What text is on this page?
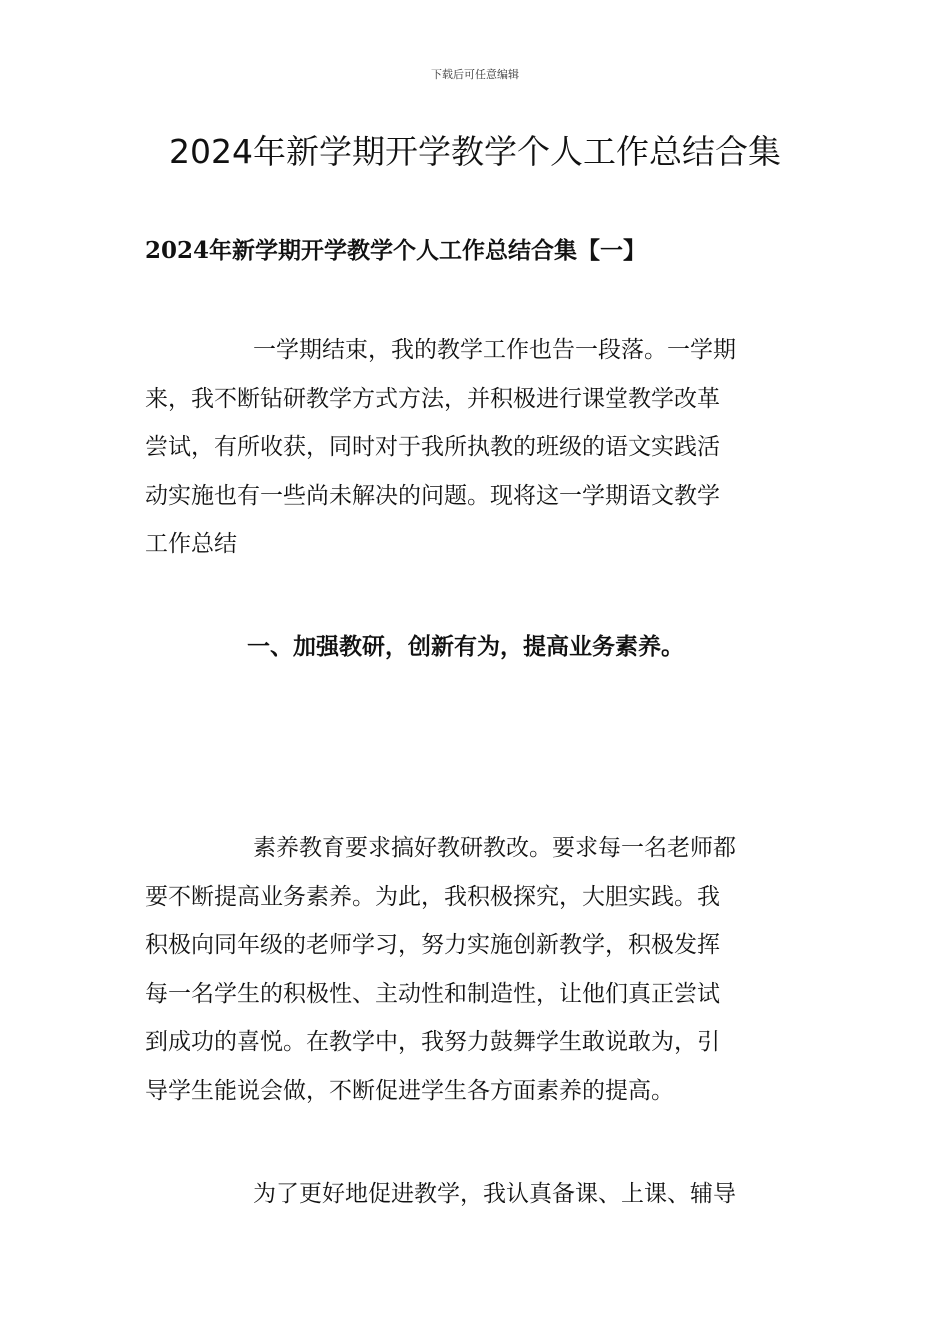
下载后可任意编辑
2024年新学期开学教学个人工作总结合集
2024年新学期开学教学个人工作总结合集【一】

一学期结束，我的教学工作也告一段落。一学期
来，我不断钻研教学方式方法，并积极进行课堂教学改革
尝试，有所收获，同时对于我所执教的班级的语文实践活
动实施也有一些尚未解决的问题。现将这一学期语文教学
工作总结

一、加强教研，创新有为，提高业务素养。

素养教育要求搞好教研教改。要求每一名老师都
要不断提高业务素养。为此，我积极探究，大胆实践。我
积极向同年级的老师学习，努力实施创新教学，积极发挥
每一名学生的积极性、主动性和制造性，让他们真正尝试
到成功的喜悦。在教学中，我努力鼓舞学生敢说敢为，引
导学生能说会做，不断促进学生各方面素养的提高。

为了更好地促进教学，我认真备课、上课、辅导
